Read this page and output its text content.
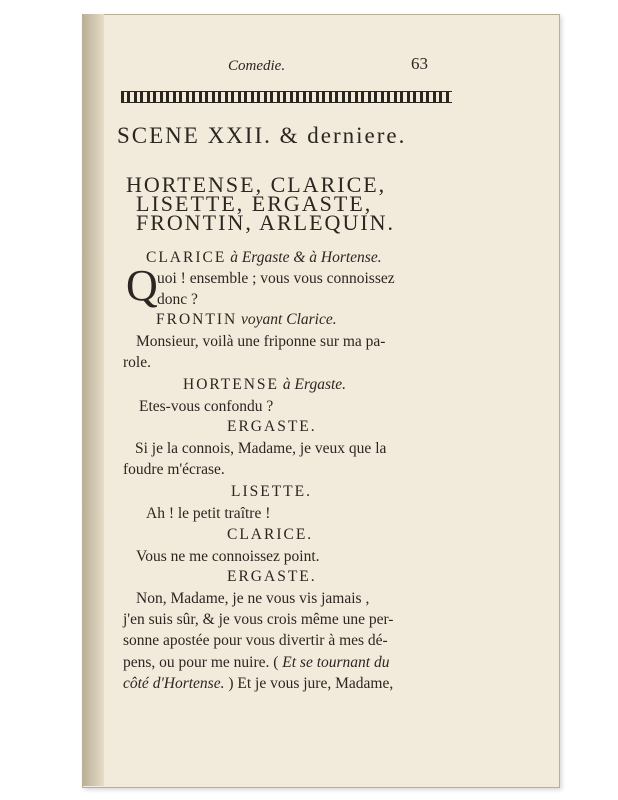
Comedie.	63
SCENE XXII. & derniere.
HORTENSE, CLARICE,
LISETTE, ERGASTE,
FRONTIN, ARLEQUIN.
CLARICE à Ergaste & à Hortense.
Q uoi ! ensemble ; vous vous connoissez
donc ?
FRONTIN voyant Clarice.
Monsieur, voilà une friponne sur ma pa-
role.
HORTENSE à Ergaste.
Etes-vous confondu ?
ERGASTE.
Si je la connois, Madame, je veux que la
foudre m'écrase.
LISETTE.
Ah ! le petit traître !
CLARICE.
Vous ne me connoissez point.
ERGASTE.
Non, Madame, je ne vous vis jamais ,
j'en suis sûr, & je vous crois même une per-
sonne apostée pour vous divertir à mes dé-
pens, ou pour me nuire. ( Et se tournant du
côté d'Hortense. ) Et je vous jure, Madame,
